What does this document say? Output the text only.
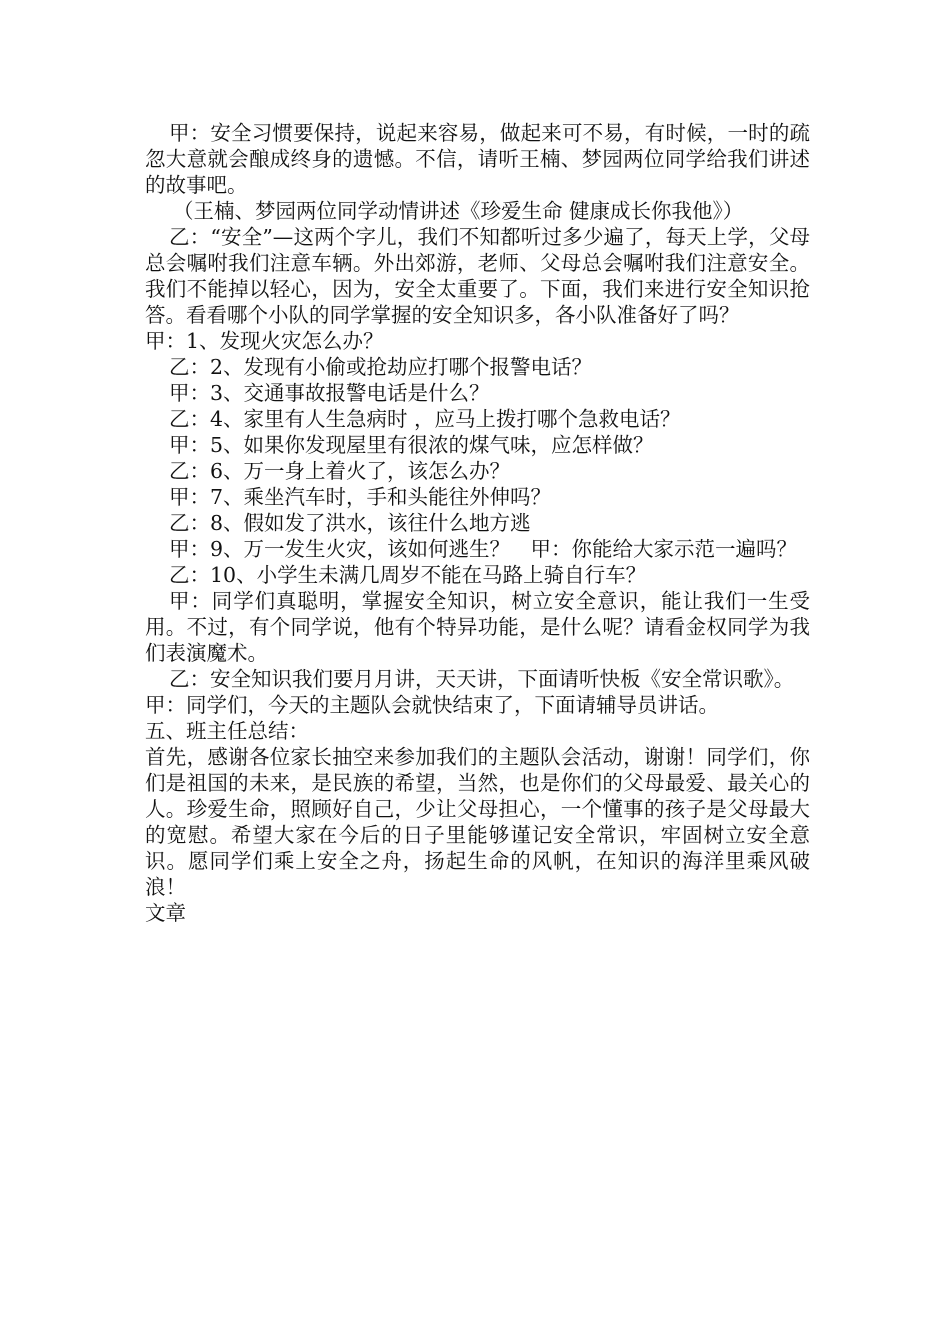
甲：安全习惯要保持，说起来容易，做起来可不易，有时候，一时的疏忽大意就会酿成终身的遗憾。不信，请听王楠、梦园两位同学给我们讲述的故事吧。

（王楠、梦园两位同学动情讲述《珍爱生命 健康成长你我他》）

乙：“安全”—这两个字儿，我们不知都听过多少遍了，每天上学，父母总会嘱咐我们注意车辆。外出郊游，老师、父母总会嘱咐我们注意安全。我们不能掉以轻心，因为，安全太重要了。下面，我们来进行安全知识抢答。看看哪个小队的同学掌握的安全知识多，各小队准备好了吗？

甲：1、发现火灾怎么办？

乙：2、发现有小偷或抢劫应打哪个报警电话？

甲：3、交通事故报警电话是什么？

乙：4、家里有人生急病时 ，应马上拨打哪个急救电话？

甲：5、如果你发现屋里有很浓的煤气味，应怎样做？

乙：6、万一身上着火了，该怎么办？

甲：7、乘坐汽车时，手和头能往外伸吗？

乙：8、假如发了洪水，该往什么地方逃

甲：9、万一发生火灾，该如何逃生？　甲：你能给大家示范一遍吗？

乙：10、小学生未满几周岁不能在马路上骑自行车？

甲：同学们真聪明，掌握安全知识，树立安全意识，能让我们一生受用。不过，有个同学说，他有个特异功能，是什么呢？请看金权同学为我们表演魔术。

乙：安全知识我们要月月讲，天天讲，下面请听快板《安全常识歌》。

甲：同学们，今天的主题队会就快结束了，下面请辅导员讲话。

五、班主任总结：

首先，感谢各位家长抽空来参加我们的主题队会活动，谢谢！同学们，你们是祖国的未来，是民族的希望，当然，也是你们的父母最爱、最关心的人。珍爱生命，照顾好自己，少让父母担心，一个懂事的孩子是父母最大的宽慰。希望大家在今后的日子里能够谨记安全常识，牢固树立安全意识。愿同学们乘上安全之舟，扬起生命的风帆，在知识的海洋里乘风破浪！

文章
